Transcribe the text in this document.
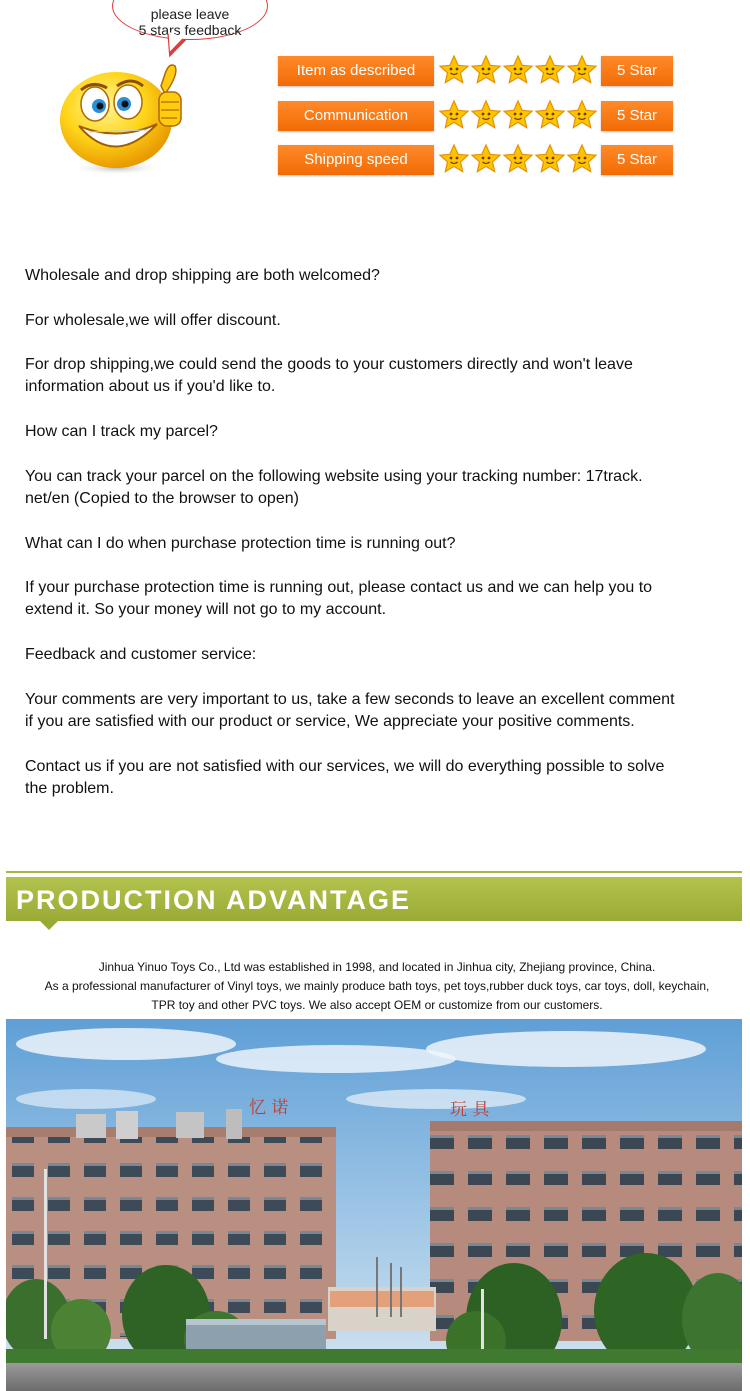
please leave
5 stars feedback
Item as described	5 Star
Communication	5 Star
Shipping speed	5 Star

Wholesale and drop shipping are both welcomed?

For wholesale,we will offer discount.

For drop shipping,we could send the goods to your customers directly and won't leave

information about us if you'd like to.

How can I track my parcel?

You can track your parcel on the following website using your tracking number: 17track.

net/en (Copied to the browser to open)

What can I do when purchase protection time is running out?

If your purchase protection time is running out, please contact us and we can help you to

extend it. So your money will not go to my account.

Feedback and customer service:

Your comments are very important to us, take a few seconds to leave an excellent comment

if you are satisfied with our product or service, We appreciate your positive comments.

Contact us if you are not satisfied with our services, we will do everything possible to solve

the problem.

PRODUCTION ADVANTAGE

Jinhua Yinuo Toys Co., Ltd was established in 1998, and located in Jinhua city, Zhejiang province, China.

As a professional manufacturer of Vinyl toys, we mainly produce bath toys, pet toys,rubber duck toys, car toys, doll, keychain,

TPR toy and other PVC toys. We also accept OEM or customize from our customers.

忆 诺	玩 具
